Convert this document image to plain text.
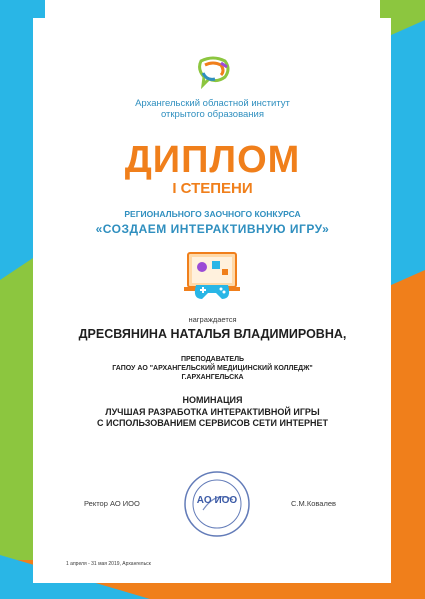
Архангельский областной институт
открытого образования
ДИПЛОМ
I СТЕПЕНИ
РЕГИОНАЛЬНОГО ЗАОЧНОГО КОНКУРСА
«СОЗДАЕМ ИНТЕРАКТИВНУЮ ИГРУ»
награждается
ДРЕСВЯНИНА НАТАЛЬЯ ВЛАДИМИРОВНА,
ПРЕПОДАВАТЕЛЬ
ГАПОУ АО "АРХАНГЕЛЬСКИЙ МЕДИЦИНСКИЙ КОЛЛЕДЖ"
Г.АРХАНГЕЛЬСКА
НОМИНАЦИЯ
ЛУЧШАЯ РАЗРАБОТКА ИНТЕРАКТИВНОЙ ИГРЫ
С ИСПОЛЬЗОВАНИЕМ СЕРВИСОВ СЕТИ ИНТЕРНЕТ
Ректор АО ИОО	АО ИОО	С.М.Ковалев
1 апреля - 31 мая 2019, Архангельск
